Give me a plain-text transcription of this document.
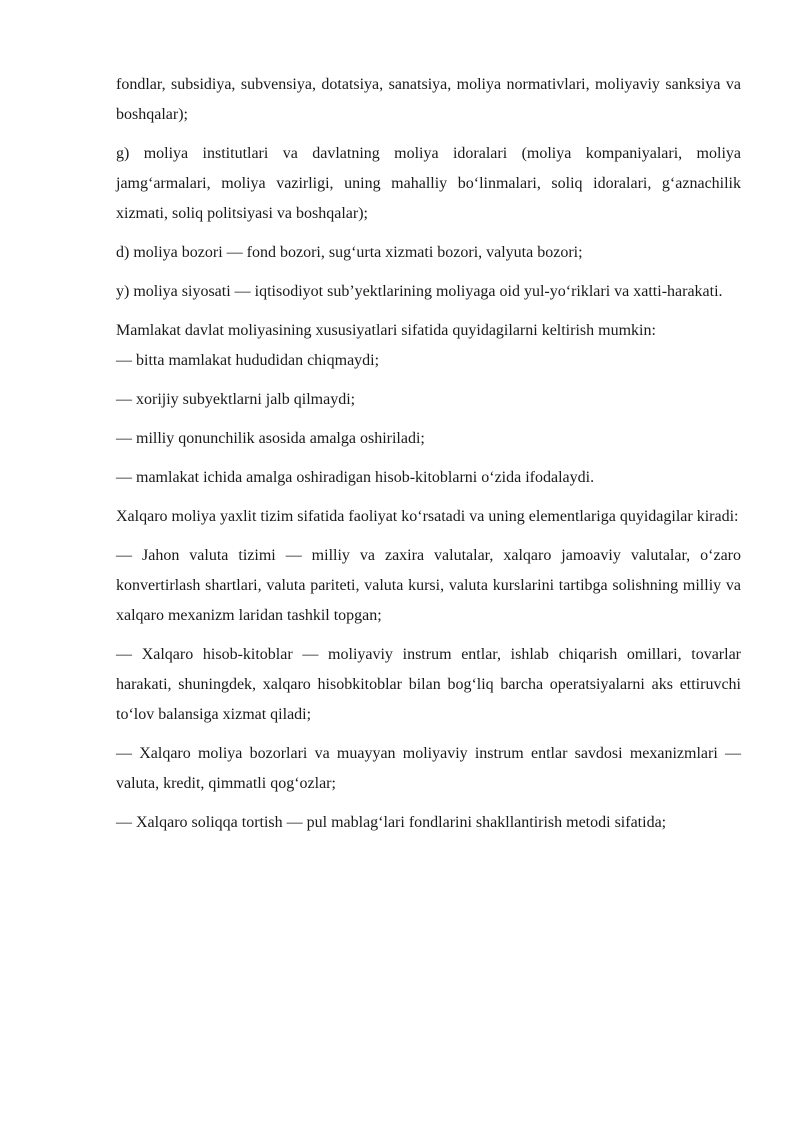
fondlar, subsidiya, subvensiya, dotatsiya, sanatsiya, moliya normativlari, moliyaviy sanksiya va boshqalar);

g) moliya institutlari va davlatning moliya idoralari (moliya kompaniyalari, moliya jamg‘armalari, moliya vazirligi, uning mahalliy bo‘linmalari, soliq idoralari, g‘aznachilik xizmati, soliq politsiyasi va boshqalar);

d) moliya bozori — fond bozori, sug‘urta xizmati bozori, valyuta bozori;

y) moliya siyosati — iqtisodiyot sub’yektlarining moliyaga oid yul-yo‘riklari va xatti-harakati.

Mamlakat davlat moliyasining xususiyatlari sifatida quyidagilarni keltirish mumkin:

— bitta mamlakat hududidan chiqmaydi;

— xorijiy subyektlarni jalb qilmaydi;

— milliy qonunchilik asosida amalga oshiriladi;

— mamlakat ichida amalga oshiradigan hisob-kitoblarni o‘zida ifodalaydi.

Xalqaro moliya yaxlit tizim sifatida faoliyat ko‘rsatadi va uning elementlariga quyidagilar kiradi:

— Jahon valuta tizimi — milliy va zaxira valutalar, xalqaro jamoaviy valutalar, o‘zaro konvertirlash shartlari, valuta pariteti, valuta kursi, valuta kurslarini tartibga solishning milliy va xalqaro mexanizm laridan tashkil topgan;

— Xalqaro hisob-kitoblar — moliyaviy instrum entlar, ishlab chiqarish omillari, tovarlar harakati, shuningdek, xalqaro hisobkitoblar bilan bog‘liq barcha operatsiyalarni aks ettiruvchi to‘lov balansiga xizmat qiladi;

— Xalqaro moliya bozorlari va muayyan moliyaviy instrum entlar savdosi mexanizmlari — valuta, kredit, qimmatli qog‘ozlar;

— Xalqaro soliqqa tortish — pul mablag‘lari fondlarini shakllantirish metodi sifatida;
